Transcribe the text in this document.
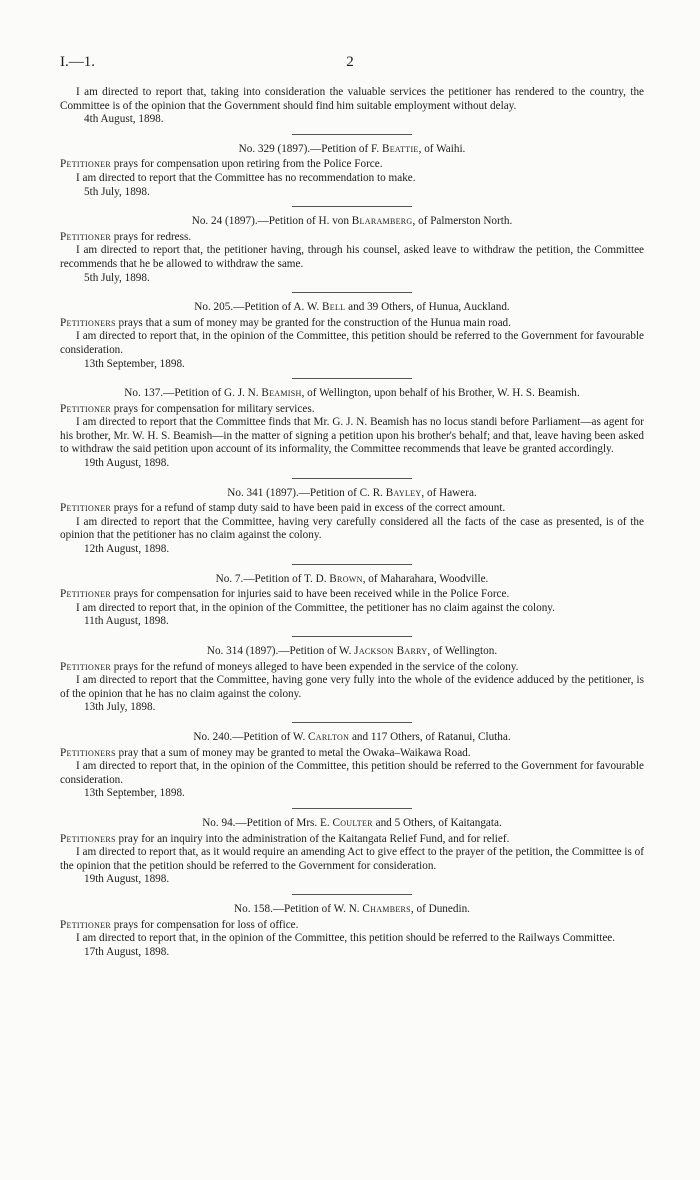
I.—1.	2

I am directed to report that, taking into consideration the valuable services the petitioner has rendered to the country, the Committee is of the opinion that the Government should find him suitable employment without delay.

4th August, 1898.

No. 329 (1897).—Petition of F. Beattie, of Waihi.

Petitioner prays for compensation upon retiring from the Police Force.

I am directed to report that the Committee has no recommendation to make.

5th July, 1898.

No. 24 (1897).—Petition of H. von Blaramberg, of Palmerston North.

Petitioner prays for redress.

I am directed to report that, the petitioner having, through his counsel, asked leave to withdraw the petition, the Committee recommends that he be allowed to withdraw the same.

5th July, 1898.

No. 205.—Petition of A. W. Bell and 39 Others, of Hunua, Auckland.

Petitioners prays that a sum of money may be granted for the construction of the Hunua main road.

I am directed to report that, in the opinion of the Committee, this petition should be referred to the Government for favourable consideration.

13th September, 1898.

No. 137.—Petition of G. J. N. Beamish, of Wellington, upon behalf of his Brother, W. H. S. Beamish.

Petitioner prays for compensation for military services.

I am directed to report that the Committee finds that Mr. G. J. N. Beamish has no locus standi before Parliament—as agent for his brother, Mr. W. H. S. Beamish—in the matter of signing a petition upon his brother's behalf; and that, leave having been asked to withdraw the said petition upon account of its informality, the Committee recommends that leave be granted accordingly.

19th August, 1898.

No. 341 (1897).—Petition of C. R. Bayley, of Hawera.

Petitioner prays for a refund of stamp duty said to have been paid in excess of the correct amount.

I am directed to report that the Committee, having very carefully considered all the facts of the case as presented, is of the opinion that the petitioner has no claim against the colony.

12th August, 1898.

No. 7.—Petition of T. D. Brown, of Maharahara, Woodville.

Petitioner prays for compensation for injuries said to have been received while in the Police Force.

I am directed to report that, in the opinion of the Committee, the petitioner has no claim against the colony.

11th August, 1898.

No. 314 (1897).—Petition of W. Jackson Barry, of Wellington.

Petitioner prays for the refund of moneys alleged to have been expended in the service of the colony.

I am directed to report that the Committee, having gone very fully into the whole of the evidence adduced by the petitioner, is of the opinion that he has no claim against the colony.

13th July, 1898.

No. 240.—Petition of W. Carlton and 117 Others, of Ratanui, Clutha.

Petitioners pray that a sum of money may be granted to metal the Owaka–Waikawa Road.

I am directed to report that, in the opinion of the Committee, this petition should be referred to the Government for favourable consideration.

13th September, 1898.

No. 94.—Petition of Mrs. E. Coulter and 5 Others, of Kaitangata.

Petitioners pray for an inquiry into the administration of the Kaitangata Relief Fund, and for relief.

I am directed to report that, as it would require an amending Act to give effect to the prayer of the petition, the Committee is of the opinion that the petition should be referred to the Government for consideration.

19th August, 1898.

No. 158.—Petition of W. N. Chambers, of Dunedin.

Petitioner prays for compensation for loss of office.

I am directed to report that, in the opinion of the Committee, this petition should be referred to the Railways Committee.

17th August, 1898.
